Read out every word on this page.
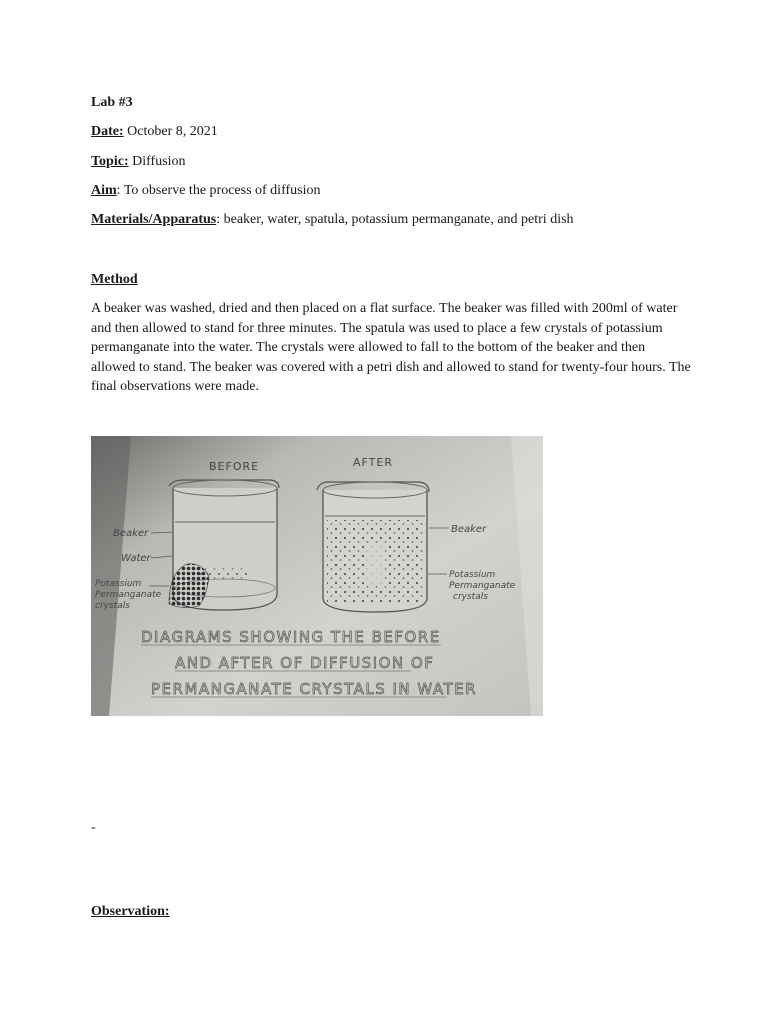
Lab #3
Date: October 8, 2021
Topic: Diffusion
Aim: To observe the process of diffusion
Materials/Apparatus: beaker, water, spatula, potassium permanganate, and petri dish
Method
A beaker was washed, dried and then placed on a flat surface. The beaker was filled with 200ml of water and then allowed to stand for three minutes. The spatula was used to place a few crystals of potassium permanganate into the water. The crystals were allowed to fall to the bottom of the beaker and then allowed to stand. The beaker was covered with a petri dish and allowed to stand for twenty-four hours. The final observations were made.
BEFORE	AFTER
Beaker
Water
Potassium
Permanganate
crystals
Beaker
Potassium
Permanganate
crystals
DIAGRAMS SHOWING THE BEFORE
AND AFTER OF DIFFUSION OF
PERMANGANATE CRYSTALS IN WATER
-
Observation:
